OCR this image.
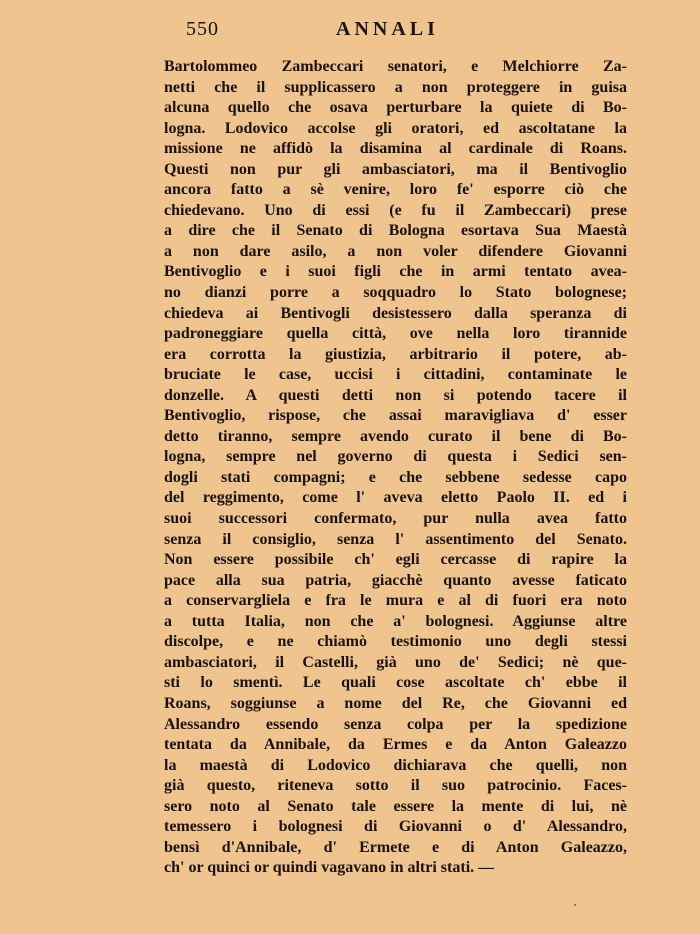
550	ANNALI
Bartolommeo Zambeccari senatori, e Melchiorre Za-
netti che il supplicassero a non proteggere in guisa
alcuna quello che osava perturbare la quiete di Bo-
logna. Lodovico accolse gli oratori, ed ascoltatane la
missione ne affidò la disamina al cardinale di Roans.
Questi non pur gli ambasciatori, ma il Bentivoglio
ancora fatto a sè venire, loro fe' esporre ciò che
chiedevano. Uno di essi (e fu il Zambeccari) prese
a dire che il Senato di Bologna esortava Sua Maestà
a non dare asilo, a non voler difendere Giovanni
Bentivoglio e i suoi figli che in armi tentato avea-
no dianzi porre a soqquadro lo Stato bolognese;
chiedeva ai Bentivogli desistessero dalla speranza di
padroneggiare quella città, ove nella loro tirannide
era corrotta la giustizia, arbitrario il potere, ab-
bruciate le case, uccisi i cittadini, contaminate le
donzelle. A questi detti non si potendo tacere il
Bentivoglio, rispose, che assai maravigliava d' esser
detto tiranno, sempre avendo curato il bene di Bo-
logna, sempre nel governo di questa i Sedici sen-
dogli stati compagni; e che sebbene sedesse capo
del reggimento, come l' aveva eletto Paolo II. ed i
suoi successori confermato, pur nulla avea fatto
senza il consiglio, senza l' assentimento del Senato.
Non essere possibile ch' egli cercasse di rapire la
pace alla sua patria, giacchè quanto avesse faticato
a conservargliela e fra le mura e al di fuori era noto
a tutta Italia, non che a' bolognesi. Aggiunse altre
discolpe, e ne chiamò testimonio uno degli stessi
ambasciatori, il Castelli, già uno de' Sedici; nè que-
sti lo smentì. Le quali cose ascoltate ch' ebbe il
Roans, soggiunse a nome del Re, che Giovanni ed
Alessandro essendo senza colpa per la spedizione
tentata da Annibale, da Ermes e da Anton Galeazzo
la maestà di Lodovico dichiarava che quelli, non
già questo, riteneva sotto il suo patrocinio. Faces-
sero noto al Senato tale essere la mente di lui, nè
temessero i bolognesi di Giovanni o d' Alessandro,
bensì d'Annibale, d' Ermete e di Anton Galeazzo,
ch' or quinci or quindi vagavano in altri stati. —
